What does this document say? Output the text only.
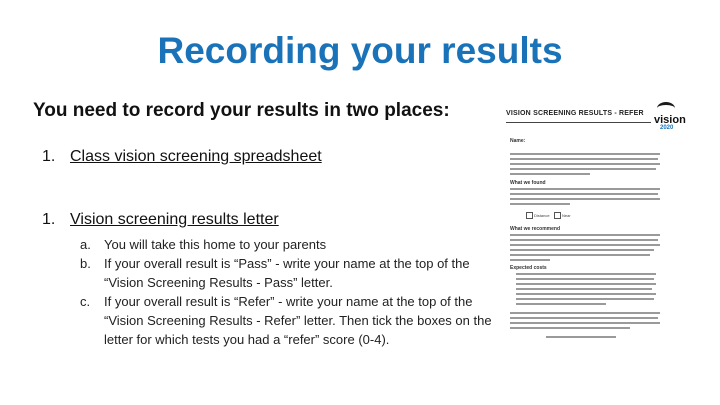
Recording your results
You need to record your results in two places:
1. Class vision screening spreadsheet
1. Vision screening results letter
a.	You will take this home to your parents
b.	If your overall result is “Pass” - write your name at the top of the “Vision Screening Results - Pass” letter.
c.	If your overall result is “Refer” - write your name at the top of the “Vision Screening Results - Refer” letter. Then tick the boxes on the letter for which tests you had a “refer” score (0-4).
VISION SCREENING RESULTS - REFER
vision
2020
Name:
What we found
Distance	Near
What we recommend
Expected costs
